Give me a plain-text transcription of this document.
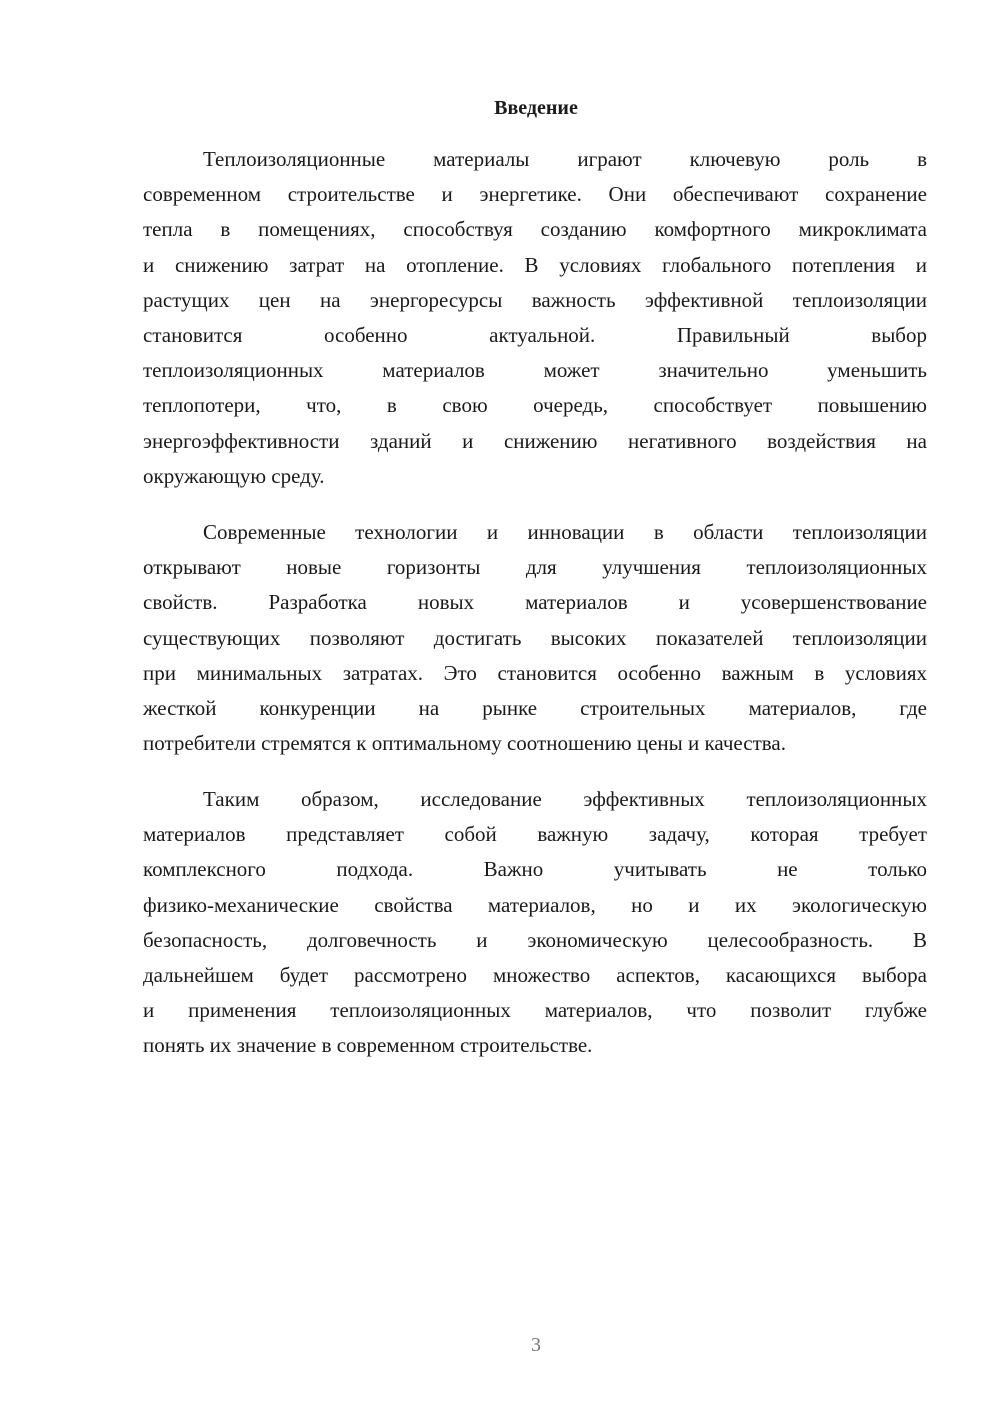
Введение
Теплоизоляционные материалы играют ключевую роль в
современном строительстве и энергетике. Они обеспечивают сохранение
тепла в помещениях, способствуя созданию комфортного микроклимата
и снижению затрат на отопление. В условиях глобального потепления и
растущих цен на энергоресурсы важность эффективной теплоизоляции
становится особенно актуальной. Правильный выбор
теплоизоляционных материалов может значительно уменьшить
теплопотери, что, в свою очередь, способствует повышению
энергоэффективности зданий и снижению негативного воздействия на
окружающую среду.
Современные технологии и инновации в области теплоизоляции
открывают новые горизонты для улучшения теплоизоляционных
свойств. Разработка новых материалов и усовершенствование
существующих позволяют достигать высоких показателей теплоизоляции
при минимальных затратах. Это становится особенно важным в условиях
жесткой конкуренции на рынке строительных материалов, где
потребители стремятся к оптимальному соотношению цены и качества.
Таким образом, исследование эффективных теплоизоляционных
материалов представляет собой важную задачу, которая требует
комплексного подхода. Важно учитывать не только
физико-механические свойства материалов, но и их экологическую
безопасность, долговечность и экономическую целесообразность. В
дальнейшем будет рассмотрено множество аспектов, касающихся выбора
и применения теплоизоляционных материалов, что позволит глубже
понять их значение в современном строительстве.
3
